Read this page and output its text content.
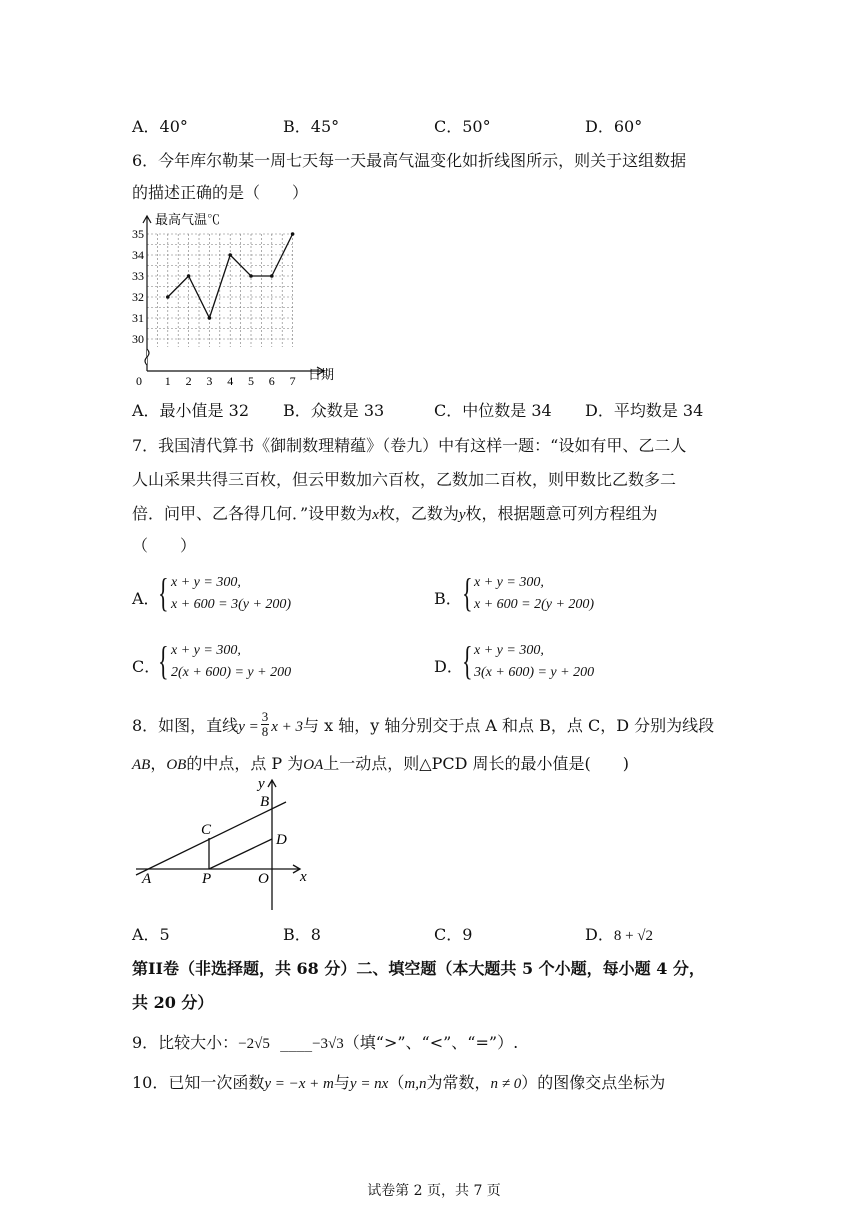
A．40°	B．45°	C．50°	D．60°
6．今年库尔勒某一周七天每一天最高气温变化如折线图所示，则关于这组数据
的描述正确的是（　　）
30
31
32
33
34
35
1 2 3 4 5 6 7
0
最高气温℃
日期
A．最小值是 32 B．众数是 33	C．中位数是 34 D．平均数是 34
7．我国清代算书《御制数理精蕴》（卷九）中有这样一题：“设如有甲、乙二人
人山采果共得三百枚，但云甲数加六百枚，乙数加二百枚，则甲数比乙数多二
倍．问甲、乙各得几何．”设甲数为x枚，乙数为y枚，根据题意可列方程组为
（　　）
A．
{ x + y = 300,
x + 600 = 3(y + 200)	B． { x + y = 300,
x + 600 = 2(y + 200)
C．
{ x + y = 300,
2(x + 600) = y + 200	D． { x + y = 300,
3(x + 600) = y + 200
8．如图，直线$y = \frac{3}{8}$ x + 3与 x 轴，y 轴分别交于点 A 和点 B，点 C，D 分别为线段
AB，OB的中点，点 P 为OA上一动点，则△PCD 周长的最小值是(　　)
y
B
C
D
A	P	O x
A．5	B．8	C．9	D．8 + √2
第II卷（非选择题，共 68 分）二、填空题（本大题共 5 个小题，每小题 4 分，
共 20 分）
9．比较大小：−2√5 ____−3√3（填“>”、“<”、“=”）.
10．已知一次函数y = −x + m与y = nx（m,n为常数，n ≠ 0）的图像交点坐标为
试卷第 2 页，共 7 页
